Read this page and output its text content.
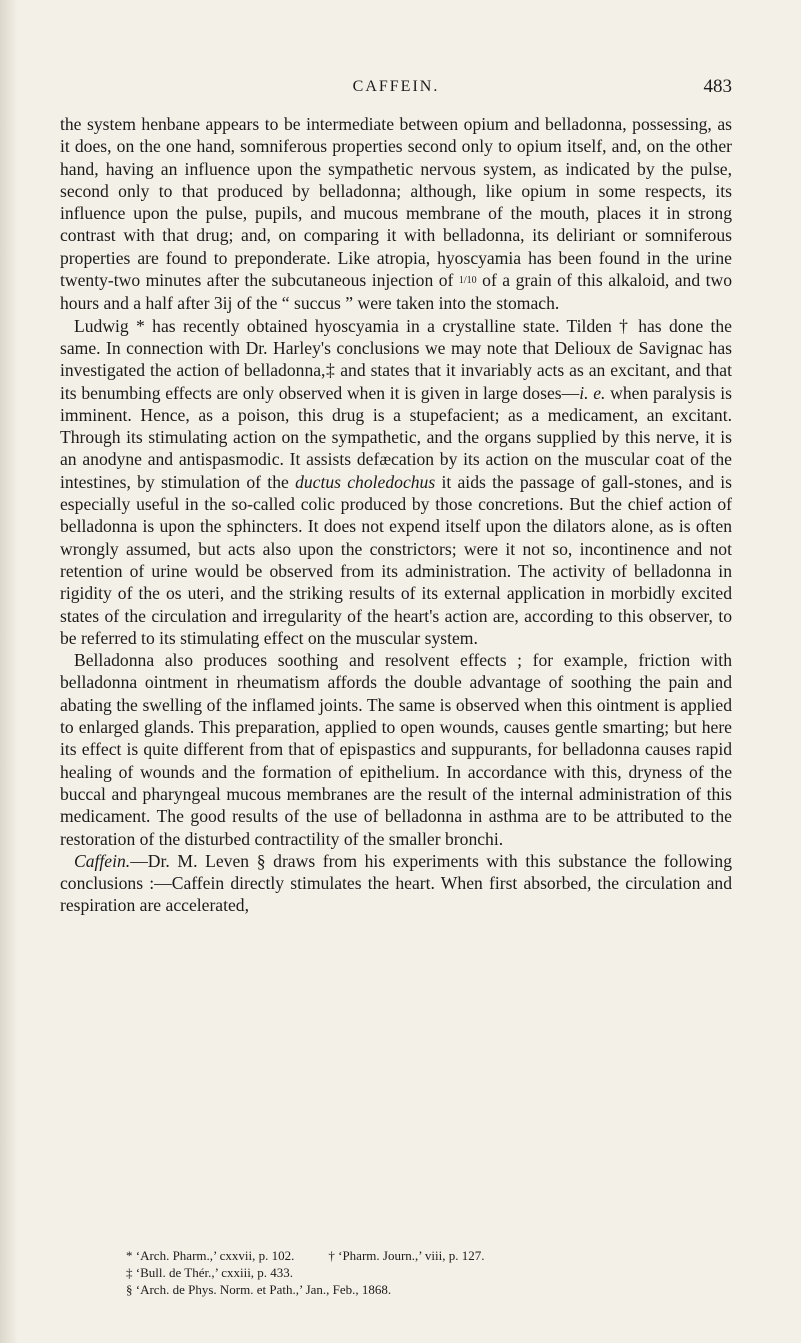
CAFFEIN.	483

the system henbane appears to be intermediate between opium and belladonna, possessing, as it does, on the one hand, somniferous properties second only to opium itself, and, on the other hand, having an influence upon the sympathetic nervous system, as indicated by the pulse, second only to that produced by belladonna; although, like opium in some respects, its influence upon the pulse, pupils, and mucous membrane of the mouth, places it in strong contrast with that drug; and, on comparing it with belladonna, its deliriant or somniferous properties are found to preponderate. Like atropia, hyoscyamia has been found in the urine twenty-two minutes after the subcutaneous injection of 1/10 of a grain of this alkaloid, and two hours and a half after 3ij of the “ succus ” were taken into the stomach.

Ludwig * has recently obtained hyoscyamia in a crystalline state. Tilden † has done the same. In connection with Dr. Harley's conclusions we may note that Delioux de Savignac has investigated the action of belladonna,‡ and states that it invariably acts as an excitant, and that its benumbing effects are only observed when it is given in large doses—i. e. when paralysis is imminent. Hence, as a poison, this drug is a stupefacient; as a medicament, an excitant. Through its stimulating action on the sympathetic, and the organs supplied by this nerve, it is an anodyne and antispasmodic. It assists defæcation by its action on the muscular coat of the intestines, by stimulation of the ductus choledochus it aids the passage of gall-stones, and is especially useful in the so-called colic produced by those concretions. But the chief action of belladonna is upon the sphincters. It does not expend itself upon the dilators alone, as is often wrongly assumed, but acts also upon the constrictors; were it not so, incontinence and not retention of urine would be observed from its administration. The activity of belladonna in rigidity of the os uteri, and the striking results of its external application in morbidly excited states of the circulation and irregularity of the heart's action are, according to this observer, to be referred to its stimulating effect on the muscular system.

Belladonna also produces soothing and resolvent effects ; for example, friction with belladonna ointment in rheumatism affords the double advantage of soothing the pain and abating the swelling of the inflamed joints. The same is observed when this ointment is applied to enlarged glands. This preparation, applied to open wounds, causes gentle smarting; but here its effect is quite different from that of epispastics and suppurants, for belladonna causes rapid healing of wounds and the formation of epithelium. In accordance with this, dryness of the buccal and pharyngeal mucous membranes are the result of the internal administration of this medicament. The good results of the use of belladonna in asthma are to be attributed to the restoration of the disturbed contractility of the smaller bronchi.

Caffein.—Dr. M. Leven § draws from his experiments with this substance the following conclusions :—Caffein directly stimulates the heart. When first absorbed, the circulation and respiration are accelerated,

* ‘Arch. Pharm.,’ cxxvii, p. 102.	† ‘Pharm. Journ.,’ viii, p. 127.
‡ ‘Bull. de Thér.,’ cxxiii, p. 433.
§ ‘Arch. de Phys. Norm. et Path.,’ Jan., Feb., 1868.
